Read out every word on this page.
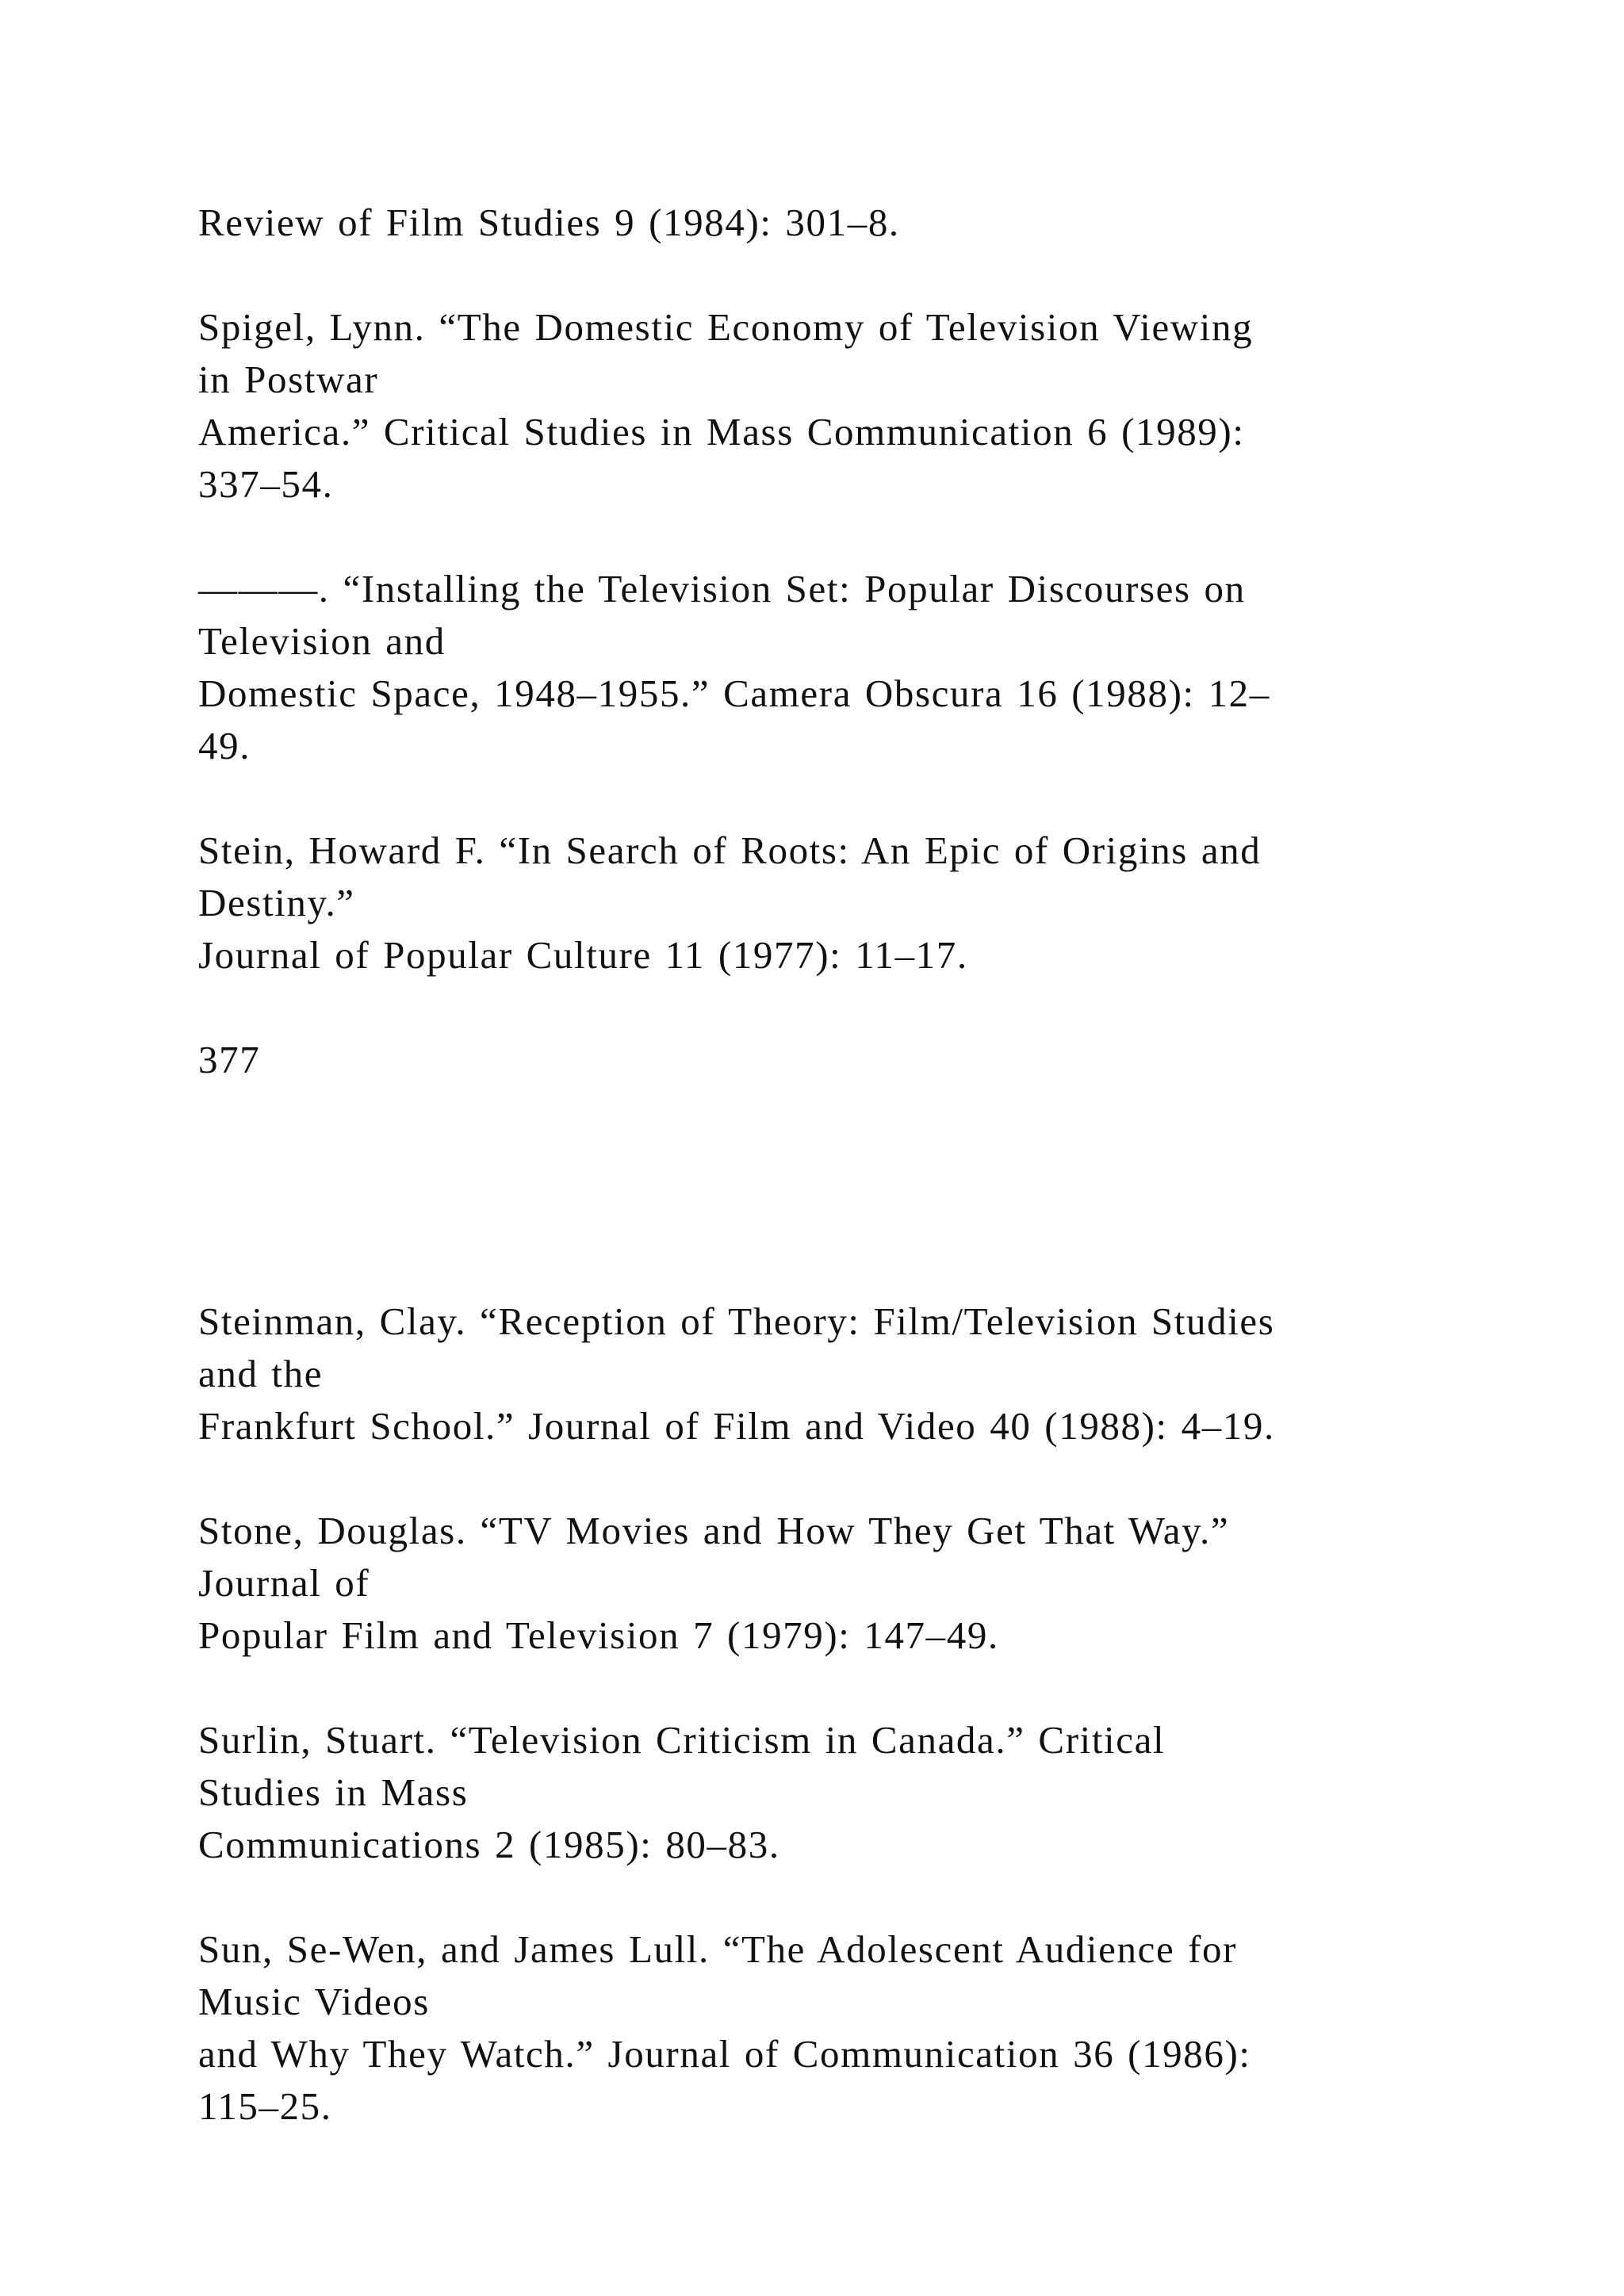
Review of Film Studies 9 (1984): 301–8.
Spigel, Lynn. “The Domestic Economy of Television Viewing
in Postwar
America.” Critical Studies in Mass Communication 6 (1989):
337–54.
———. “Installing the Television Set: Popular Discourses on
Television and
Domestic Space, 1948–1955.” Camera Obscura 16 (1988): 12–
49.
Stein, Howard F. “In Search of Roots: An Epic of Origins and
Destiny.”
Journal of Popular Culture 11 (1977): 11–17.
377
Steinman, Clay. “Reception of Theory: Film/Television Studies
and the
Frankfurt School.” Journal of Film and Video 40 (1988): 4–19.
Stone, Douglas. “TV Movies and How They Get That Way.”
Journal of
Popular Film and Television 7 (1979): 147–49.
Surlin, Stuart. “Television Criticism in Canada.” Critical
Studies in Mass
Communications 2 (1985): 80–83.
Sun, Se-Wen, and James Lull. “The Adolescent Audience for
Music Videos
and Why They Watch.” Journal of Communication 36 (1986):
115–25.
